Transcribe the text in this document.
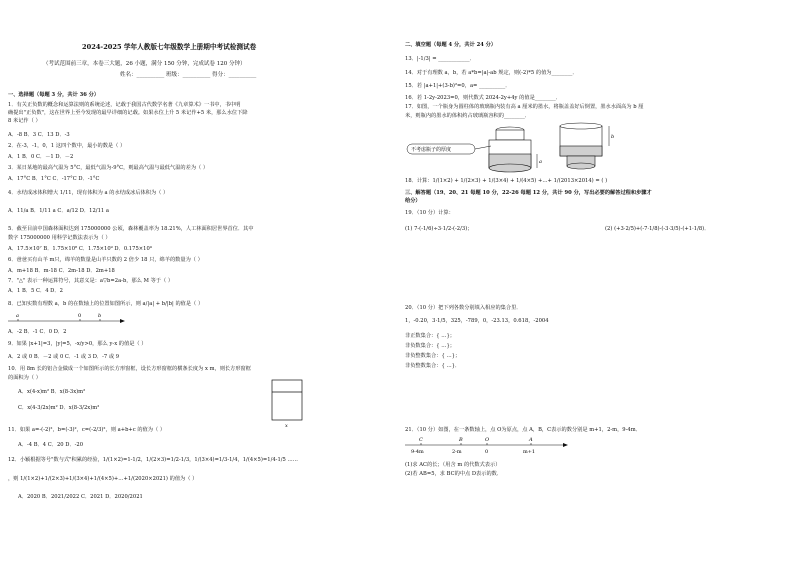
2024-2025 学年人教版七年级数学上册期中考试检测试卷
（考试范围前三章，本卷三大题，26 小题，满分 150 分钟，完成试卷 120 分钟）
姓名：__________ 班级：__________ 得分：__________
一、选择题（每题 3 分，共计 36 分）
1．有关正负数的概念和运算法则的系统论述，记载于我国古代数学名著《九章算术》一书中，书中明
确提出"正负数"，这在世界上至今发现的最早详细的记载。如果水位上升 5 米记作+5 米，那么水位下降
8 米记作（ ）
A．-8 B．3 C．13 D．-3
2．在-3，-1，0，1 这四个数中，最小的数是（ ）
A．1 B．0 C．－1 D．－2
3．某日某地的最高气温为 5°C，最低气温为-9°C，则最高气温与最低气温的差为（ ）
A．17°C B．1°C C．-17°C D．-1°C
4．水结成冰体积增大 1/11，现有体积为 a 的水结成冰后体积为（ ）
A．11/a B．1/11 a C．a/12 D．12/11 a
5．截至目前中国森林面积达到 175000000 公顷，森林覆盖率为 18.21%，人工林面积居世界首位．其中
数字 175000000 用科学记数法表示为（ ）
A．17.5×10⁷ B．1.75×10⁸ C．1.75×10⁹ D．0.175×10⁹
6．爸爸买有山羊 m只，绵羊的数量是山羊只数的 2 倍少 18 只，绵羊的数量为（ ）
A．m+18 B．m-18 C．2m-18 D．2m+18
7．"△" 表示一种运算符号，其意义是：a▽b=2a-b，那么 M 等于（ ）
A．1 B．5 C．4 D．2
8．已知实数有理数 a，b 的在数轴上的位置如图所示，则 a/|a| + b/|b| 的值是（ ）
a	0	b
A．-2 B．-1 C．0 D．2
9．如果 |x+1|=3，|y|=5，-x/y>0，那么 y-x 的值是（ ）
A．2 或 0 B．－2 或 0 C．-1 或 3 D．-7 或 9
10．用 8m 长的铝合金做成一个如图所示的长方形窗框，设长方形窗框的横条长度为 x m，则长方形窗框
的面积为（ ）
A．x(4-x)m² B．x(8-3x)m²
C．x(4-3/2x)m² D．x(8-3/2x)m²
x
11．如果 a=-(-2)²，b=(-3)²，c=(-2/3)²，则 a+b+c 的值为（ ）
A．-4 B．4 C．20 D．-20
12．小颖根据等号"数与式"积累的经验，1/(1×2)=1-1/2，1/(2×3)=1/2-1/3，1/(3×4)=1/3-1/4，1/(4×5)=1/4-1/5 ……
，则 1/(1×2)+1/(2×3)+1/(3×4)+1/(4×5)+…+1/(2020×2021) 的值为（ ）
A．2020 B．2021/2022 C．2021 D．2020/2021
二、填空题（每题 4 分，共计 24 分）
13．|-1/3| = ____________．
14．对于有理数 a，b，若 a*b=|a|-ab 规定，则(-2)*5 的值为________．
15．若 |a+1|+(3-b)²=0，a= __________．
16．若 1-2y-2023=0，则代数式 2024-2y+4y 的值是________．
17．如图，一个瓶身为圆柱体的玻璃瓶内装有高 a 厘米的墨水，将瓶盖盖好后倒置，墨水水面高为 b 厘
米，则瓶内的墨水的体积约占玻璃瓶容积的________．
a
不考虑瓶子的厚度
b
18．计算：1/(1×2) + 1/(2×3) + 1/(3×4) + 1/(4×5) +…+ 1/(2013×2014) = ( )
三、解答题（19、20、21 每题 10 分，22-26 每题 12 分，共计 90 分，写出必要的解答过程和步骤才
给分）
19．（10 分）计算：
(1) 7-(-1/6)÷3·1/2-(-2/3)；	(2) (+3·2/5)+(-7·1/8)-(-3·3/5)-(+1·1/8)．
20．（10 分）把下列各数分别填入相应的集合里．
1，-0.20，3·1/5，325，-789，0，-23.13，0.618，-2004
非正数集合：{ …}；
非负数集合：{ …}；
非负整数集合：{ …}；
非负整数集合：{ …}．
21．（10 分）如图，在一条数轴上，点 O为原点，点 A，B，C表示的数分别是 m+1，2-m，9-4m．
C	B	O	A
9-4m	2-m	0	m+1
(1)求 AC的长；（用含 m 的代数式表示）
(2)若 AB=5，求 BC的中点 D表示的数．
